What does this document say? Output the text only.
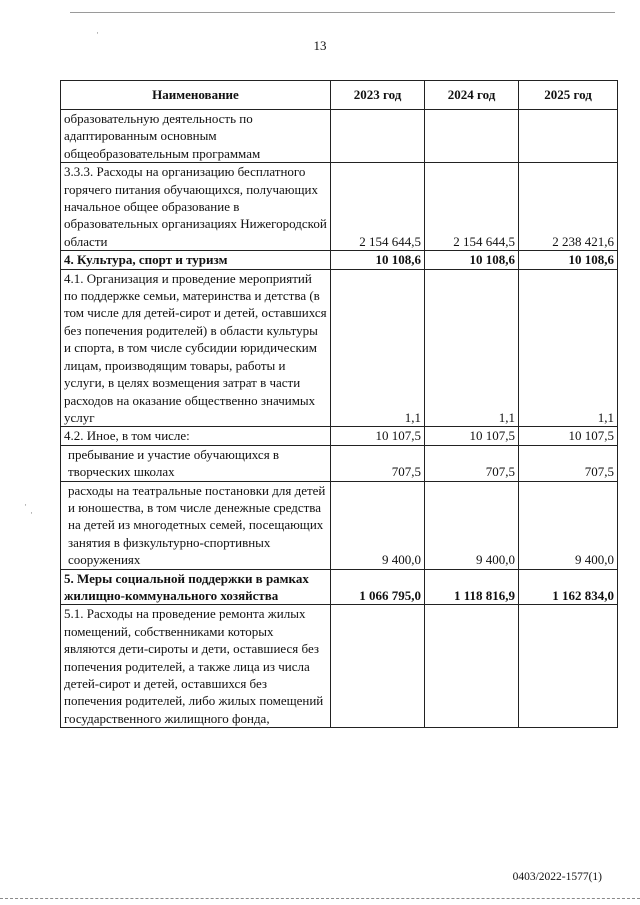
·
·
·
13
Наименование	2023 год	2024 год	2025 год
образовательную деятельность по адаптированным основным общеобразовательным программам			
3.3.3. Расходы на организацию бесплатного горячего питания обучающихся, получающих начальное общее образование в образовательных организациях Нижегородской области	2 154 644,5	2 154 644,5	2 238 421,6
4. Культура, спорт и туризм	10 108,6	10 108,6	10 108,6
4.1. Организация и проведение мероприятий по поддержке семьи, материнства и детства (в том числе для детей-сирот и детей, оставшихся без попечения родителей) в области культуры и спорта, в том числе субсидии юридическим лицам, производящим товары, работы и услуги, в целях возмещения затрат в части расходов на оказание общественно значимых услуг	1,1	1,1	1,1
4.2. Иное, в том числе:	10 107,5	10 107,5	10 107,5
пребывание и участие обучающихся в творческих школах	707,5	707,5	707,5
расходы на театральные постановки для детей и юношества, в том числе денежные средства на детей из многодетных семей, посещающих занятия в физкультурно-спортивных сооружениях	9 400,0	9 400,0	9 400,0
5. Меры социальной поддержки в рамках жилищно-коммунального хозяйства	1 066 795,0	1 118 816,9	1 162 834,0
5.1. Расходы на проведение ремонта жилых помещений, собственниками которых являются дети-сироты и дети, оставшиеся без попечения родителей, а также лица из числа детей-сирот и детей, оставшихся без попечения родителей, либо жилых помещений государственного жилищного фонда,			
0403/2022-1577(1)
